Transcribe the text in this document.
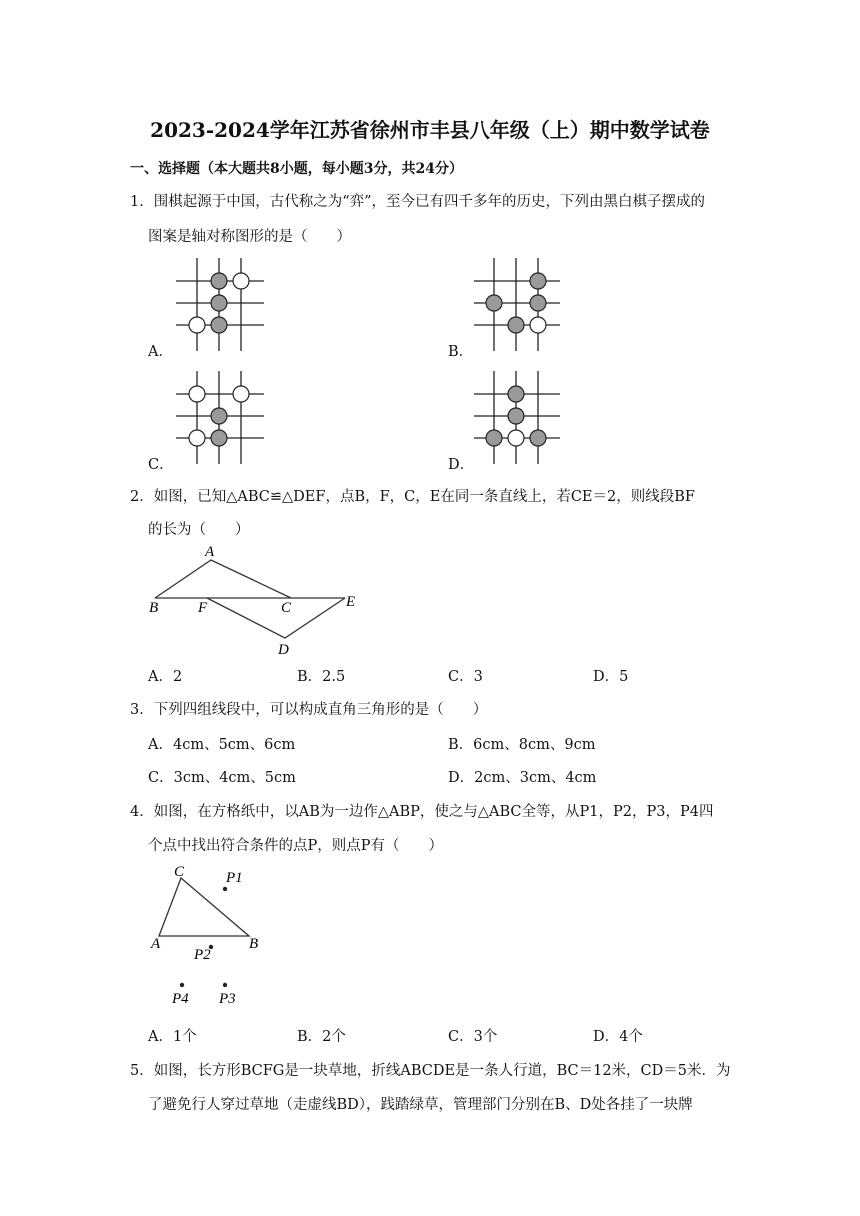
2023-2024学年江苏省徐州市丰县八年级（上）期中数学试卷
一、选择题（本大题共8小题，每小题3分，共24分）
1．围棋起源于中国，古代称之为“弈”，至今已有四千多年的历史，下列由黑白棋子摆成的
图案是轴对称图形的是（　　）
A．	B．
C．	D．
2．如图，已知△ABC≌△DEF，点B，F，C，E在同一条直线上，若CE＝2，则线段BF
的长为（　　）
A
B	F	C	E
D
A．2	B．2.5	C．3	D．5
3．下列四组线段中，可以构成直角三角形的是（　　）
A．4cm、5cm、6cm	B．6cm、8cm、9cm
C．3cm、4cm、5cm	D．2cm、3cm、4cm
4．如图，在方格纸中，以AB为一边作△ABP，使之与△ABC全等，从P1，P2，P3，P4四
个点中找出符合条件的点P，则点P有（　　）
C	P1
A	B
P2
P4 P3
A．1个	B．2个	C．3个	D．4个
5．如图，长方形BCFG是一块草地，折线ABCDE是一条人行道，BC＝12米，CD＝5米．为
了避免行人穿过草地（走虚线BD），践踏绿草，管理部门分别在B、D处各挂了一块牌
